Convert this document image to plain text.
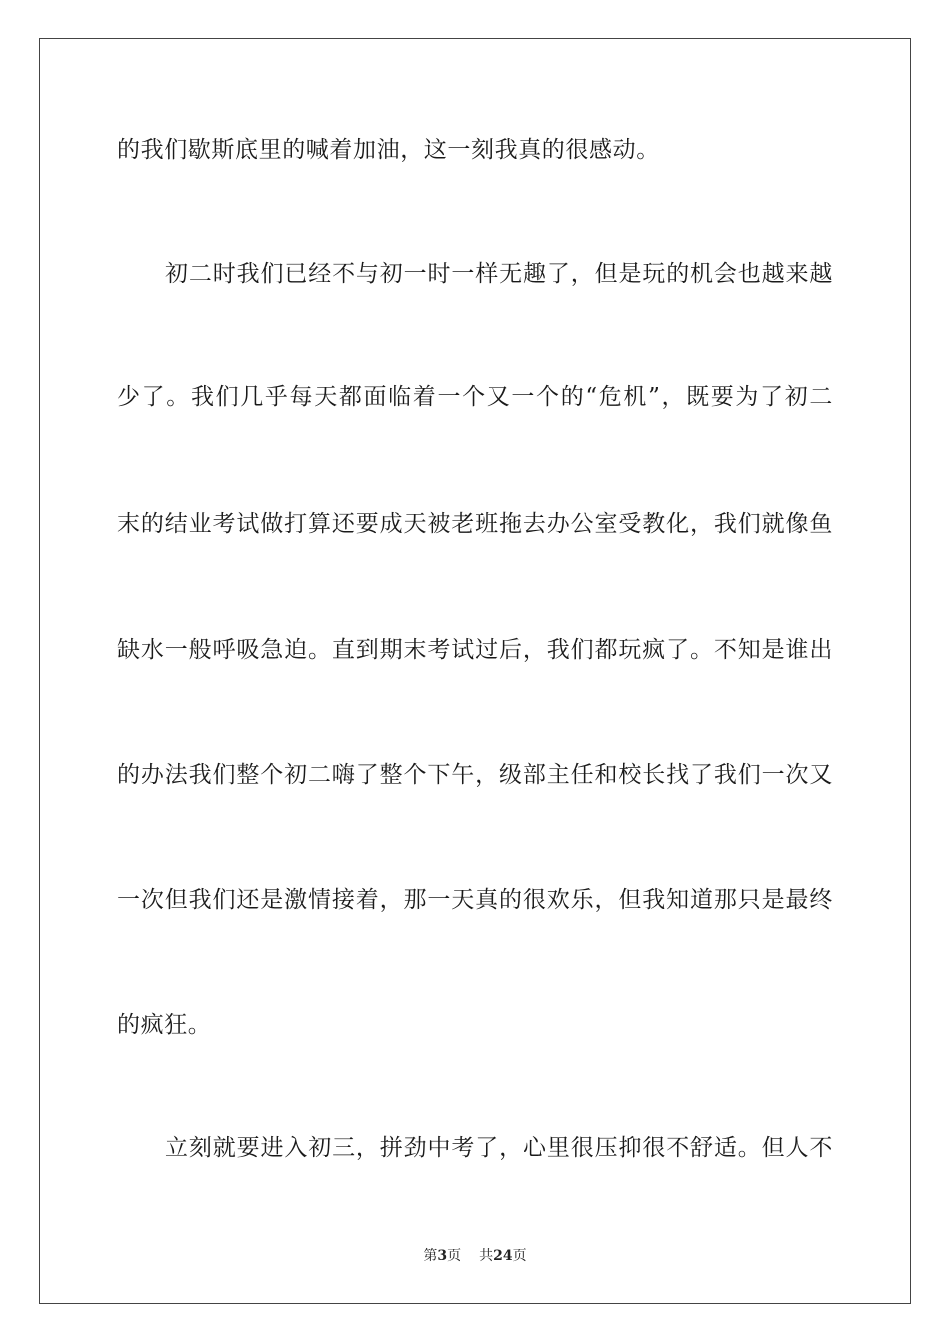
的我们歇斯底里的喊着加油，这一刻我真的很感动。
初二时我们已经不与初一时一样无趣了，但是玩的机会也越来越
少了。我们几乎每天都面临着一个又一个的“危机”，既要为了初二
末的结业考试做打算还要成天被老班拖去办公室受教化，我们就像鱼
缺水一般呼吸急迫。直到期末考试过后，我们都玩疯了。不知是谁出
的办法我们整个初二嗨了整个下午，级部主任和校长找了我们一次又
一次但我们还是激情接着，那一天真的很欢乐，但我知道那只是最终
的疯狂。
立刻就要进入初三，拼劲中考了，心里很压抑很不舒适。但人不
第3页 共24页
